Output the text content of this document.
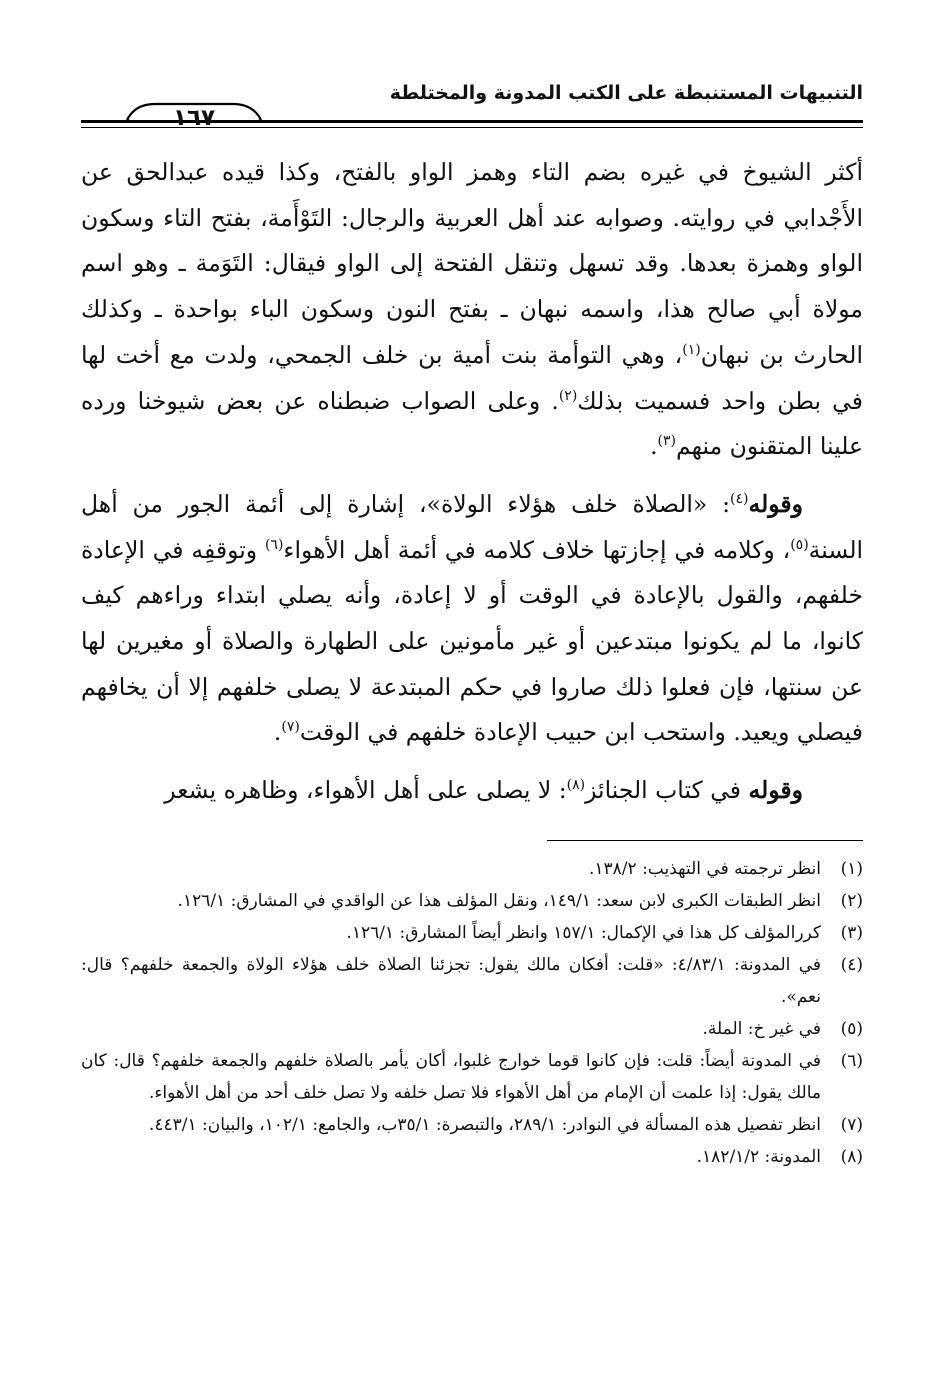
التنبيهات المستنبطة على الكتب المدونة والمختلطة
١٦٧

أكثر الشيوخ في غيره بضم التاء وهمز الواو بالفتح، وكذا قيده عبدالحق عن الأَجْدابي في روايته. وصوابه عند أهل العربية والرجال: التَوْأَمة، بفتح التاء وسكون الواو وهمزة بعدها. وقد تسهل وتنقل الفتحة إلى الواو فيقال: التَوَمة ـ وهو اسم مولاة أبي صالح هذا، واسمه نبهان ـ بفتح النون وسكون الباء بواحدة ـ وكذلك الحارث بن نبهان$^{(١)}$، وهي التوأمة بنت أمية بن خلف الجمحي، ولدت مع أخت لها في بطن واحد فسميت بذلك$^{(٢)}$. وعلى الصواب ضبطناه عن بعض شيوخنا ورده علينا المتقنون منهم$^{(٣)}$.

وقوله$^{(٤)}$: «الصلاة خلف هؤلاء الولاة»، إشارة إلى أئمة الجور من أهل السنة$^{(٥)}$، وكلامه في إجازتها خلاف كلامه في أئمة أهل الأهواء$^{(٦)}$ وتوقفِه في الإعادة خلفهم، والقول بالإعادة في الوقت أو لا إعادة، وأنه يصلي ابتداء وراءهم كيف كانوا، ما لم يكونوا مبتدعين أو غير مأمونين على الطهارة والصلاة أو مغيرين لها عن سنتها، فإن فعلوا ذلك صاروا في حكم المبتدعة لا يصلى خلفهم إلا أن يخافهم فيصلي ويعيد. واستحب ابن حبيب الإعادة خلفهم في الوقت$^{(٧)}$.

وقوله في كتاب الجنائز$^{(٨)}$: لا يصلى على أهل الأهواء، وظاهره يشعر

(١)
انظر ترجمته في التهذيب: ١٣٨/٢.
(٢)
انظر الطبقات الكبرى لابن سعد: ١٤٩/١، ونقل المؤلف هذا عن الواقدي في المشارق: ١٢٦/١.
(٣)
كررالمؤلف كل هذا في الإكمال: ١٥٧/١ وانظر أيضاً المشارق: ١٢٦/١.
(٤)
في المدونة: ٤/٨٣/١: «قلت: أفكان مالك يقول: تجزئنا الصلاة خلف هؤلاء الولاة والجمعة خلفهم؟ قال: نعم».
(٥)
في غير خ: الملة.
(٦)
في المدونة أيضاً: قلت: فإن كانوا قوما خوارج غلبوا، أكان يأمر بالصلاة خلفهم والجمعة خلفهم؟ قال: كان مالك يقول: إذا علمت أن الإمام من أهل الأهواء فلا تصل خلفه ولا تصل خلف أحد من أهل الأهواء.
(٧)
انظر تفصيل هذه المسألة في النوادر: ٢٨٩/١، والتبصرة: ٣٥/١ب، والجامع: ١٠٢/١، والبيان: ٤٤٣/١.
(٨)
المدونة: ١٨٢/١/٢.
